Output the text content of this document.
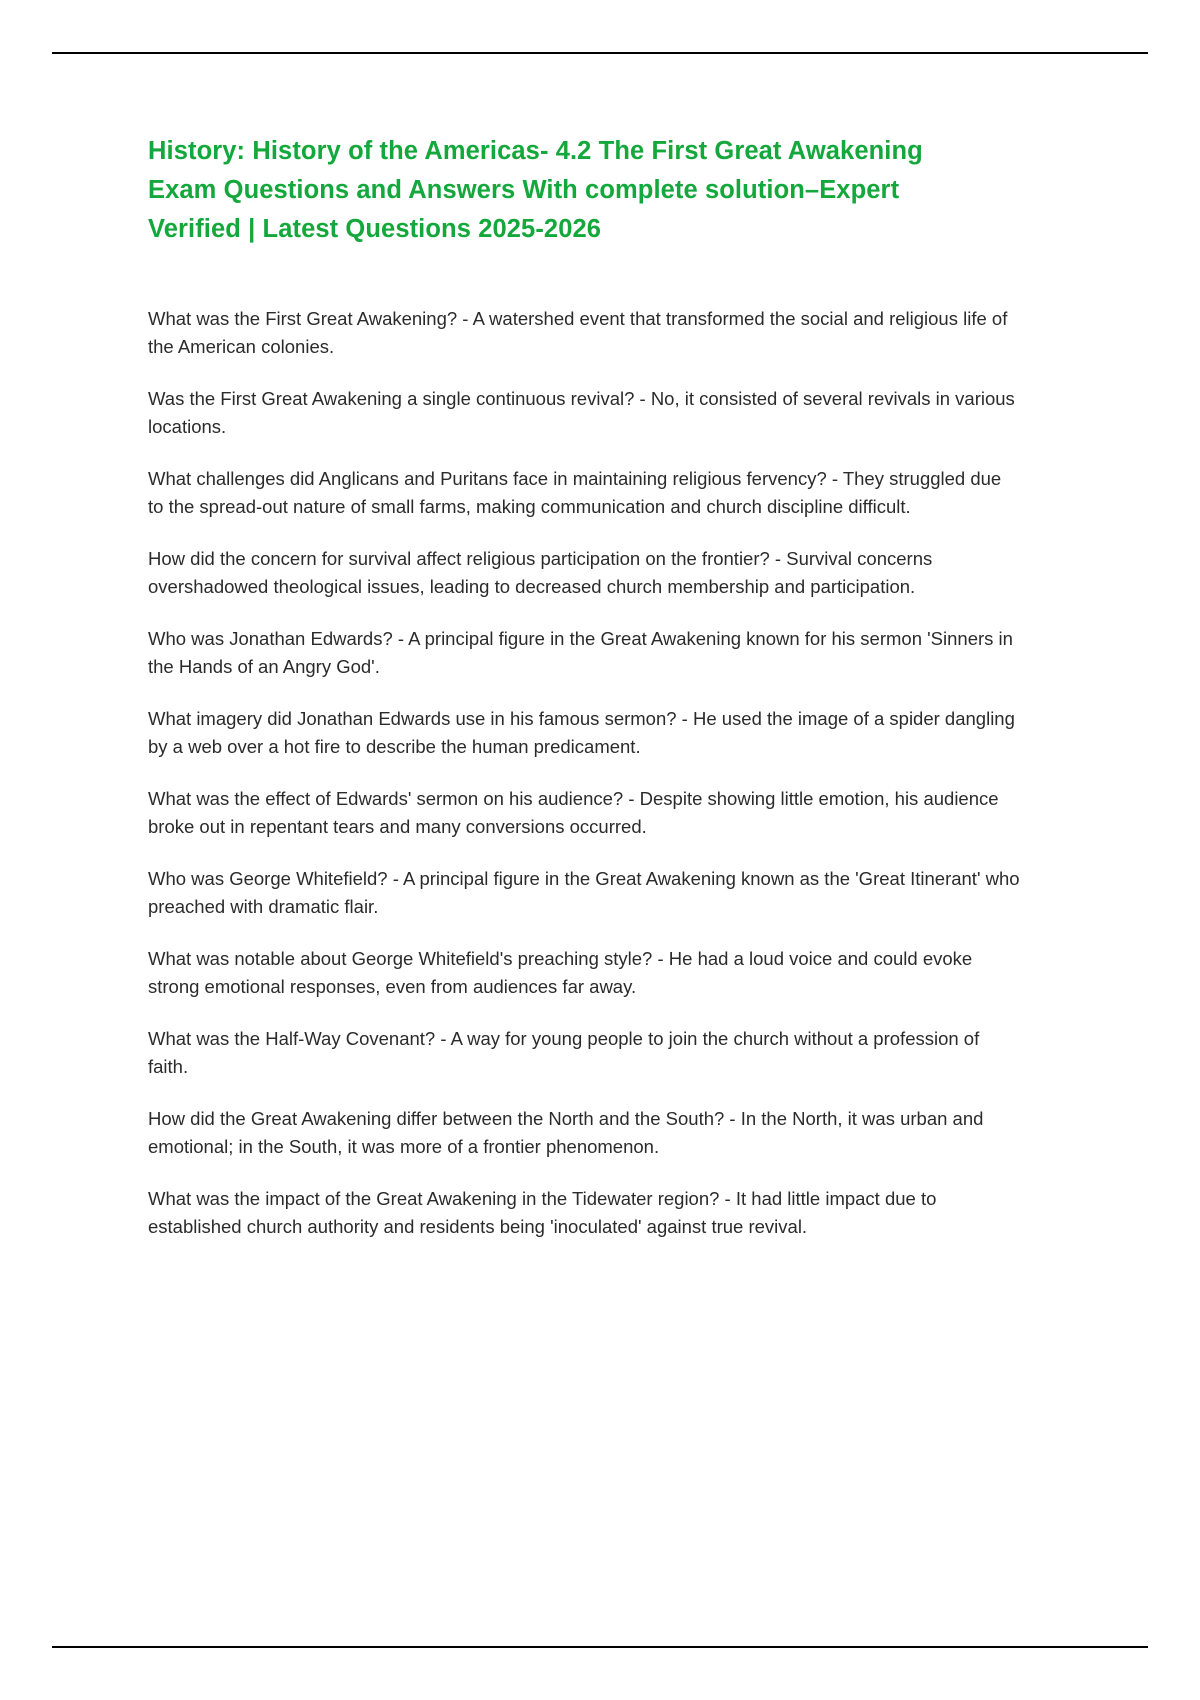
History: History of the Americas- 4.2 The First Great Awakening Exam Questions and Answers With complete solution–Expert Verified | Latest Questions 2025-2026
What was the First Great Awakening? - A watershed event that transformed the social and religious life of the American colonies.
Was the First Great Awakening a single continuous revival? - No, it consisted of several revivals in various locations.
What challenges did Anglicans and Puritans face in maintaining religious fervency? - They struggled due to the spread-out nature of small farms, making communication and church discipline difficult.
How did the concern for survival affect religious participation on the frontier? - Survival concerns overshadowed theological issues, leading to decreased church membership and participation.
Who was Jonathan Edwards? - A principal figure in the Great Awakening known for his sermon 'Sinners in the Hands of an Angry God'.
What imagery did Jonathan Edwards use in his famous sermon? - He used the image of a spider dangling by a web over a hot fire to describe the human predicament.
What was the effect of Edwards' sermon on his audience? - Despite showing little emotion, his audience broke out in repentant tears and many conversions occurred.
Who was George Whitefield? - A principal figure in the Great Awakening known as the 'Great Itinerant' who preached with dramatic flair.
What was notable about George Whitefield's preaching style? - He had a loud voice and could evoke strong emotional responses, even from audiences far away.
What was the Half-Way Covenant? - A way for young people to join the church without a profession of faith.
How did the Great Awakening differ between the North and the South? - In the North, it was urban and emotional; in the South, it was more of a frontier phenomenon.
What was the impact of the Great Awakening in the Tidewater region? - It had little impact due to established church authority and residents being 'inoculated' against true revival.
